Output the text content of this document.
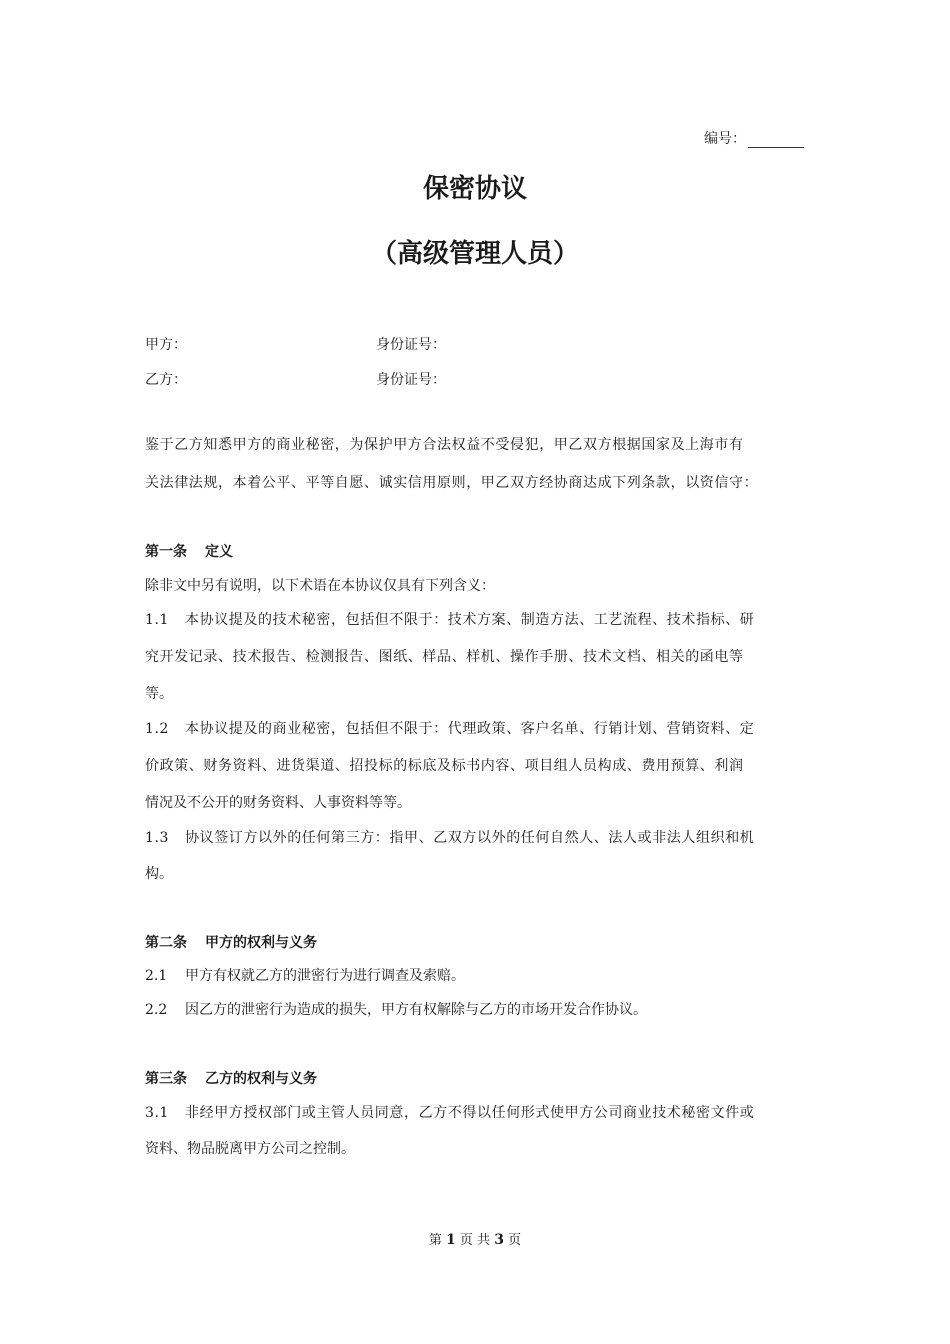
编号：
保密协议
（高级管理人员）
甲方：	身份证号：
乙方：	身份证号：
鉴于乙方知悉甲方的商业秘密，为保护甲方合法权益不受侵犯，甲乙双方根据国家及上海市有
关法律法规，本着公平、平等自愿、诚实信用原则，甲乙双方经协商达成下列条款，以资信守：
第一条 定义
除非文中另有说明，以下术语在本协议仅具有下列含义：
1.1 本协议提及的技术秘密，包括但不限于：技术方案、制造方法、工艺流程、技术指标、研
究开发记录、技术报告、检测报告、图纸、样品、样机、操作手册、技术文档、相关的函电等
等。
1.2 本协议提及的商业秘密，包括但不限于：代理政策、客户名单、行销计划、营销资料、定
价政策、财务资料、进货渠道、招投标的标底及标书内容、项目组人员构成、费用预算、利润
情况及不公开的财务资料、人事资料等等。
1.3 协议签订方以外的任何第三方：指甲、乙双方以外的任何自然人、法人或非法人组织和机
构。
第二条 甲方的权利与义务
2.1 甲方有权就乙方的泄密行为进行调查及索赔。
2.2 因乙方的泄密行为造成的损失，甲方有权解除与乙方的市场开发合作协议。
第三条 乙方的权利与义务
3.1 非经甲方授权部门或主管人员同意，乙方不得以任何形式使甲方公司商业技术秘密文件或
资料、物品脱离甲方公司之控制。
第 1 页 共 3 页
